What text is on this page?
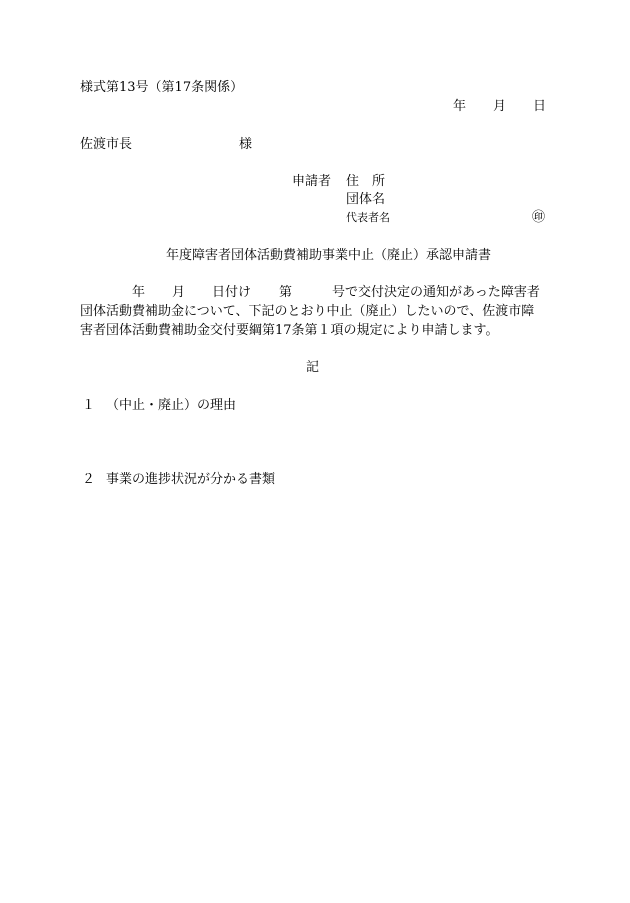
様式第13号（第17条関係）
年 月 日
佐渡市長	様
申請者 住　所
団体名
代表者名	㊞
年度障害者団体活動費補助事業中止（廃止）承認申請書
年 月 日付け 第	号で交付決定の通知があった障害者
団体活動費補助金について、下記のとおり中止（廃止）したいので、佐渡市障
害者団体活動費補助金交付要綱第17条第１項の規定により申請します。
記
１ （中止・廃止）の理由
２ 事業の進捗状況が分かる書類
